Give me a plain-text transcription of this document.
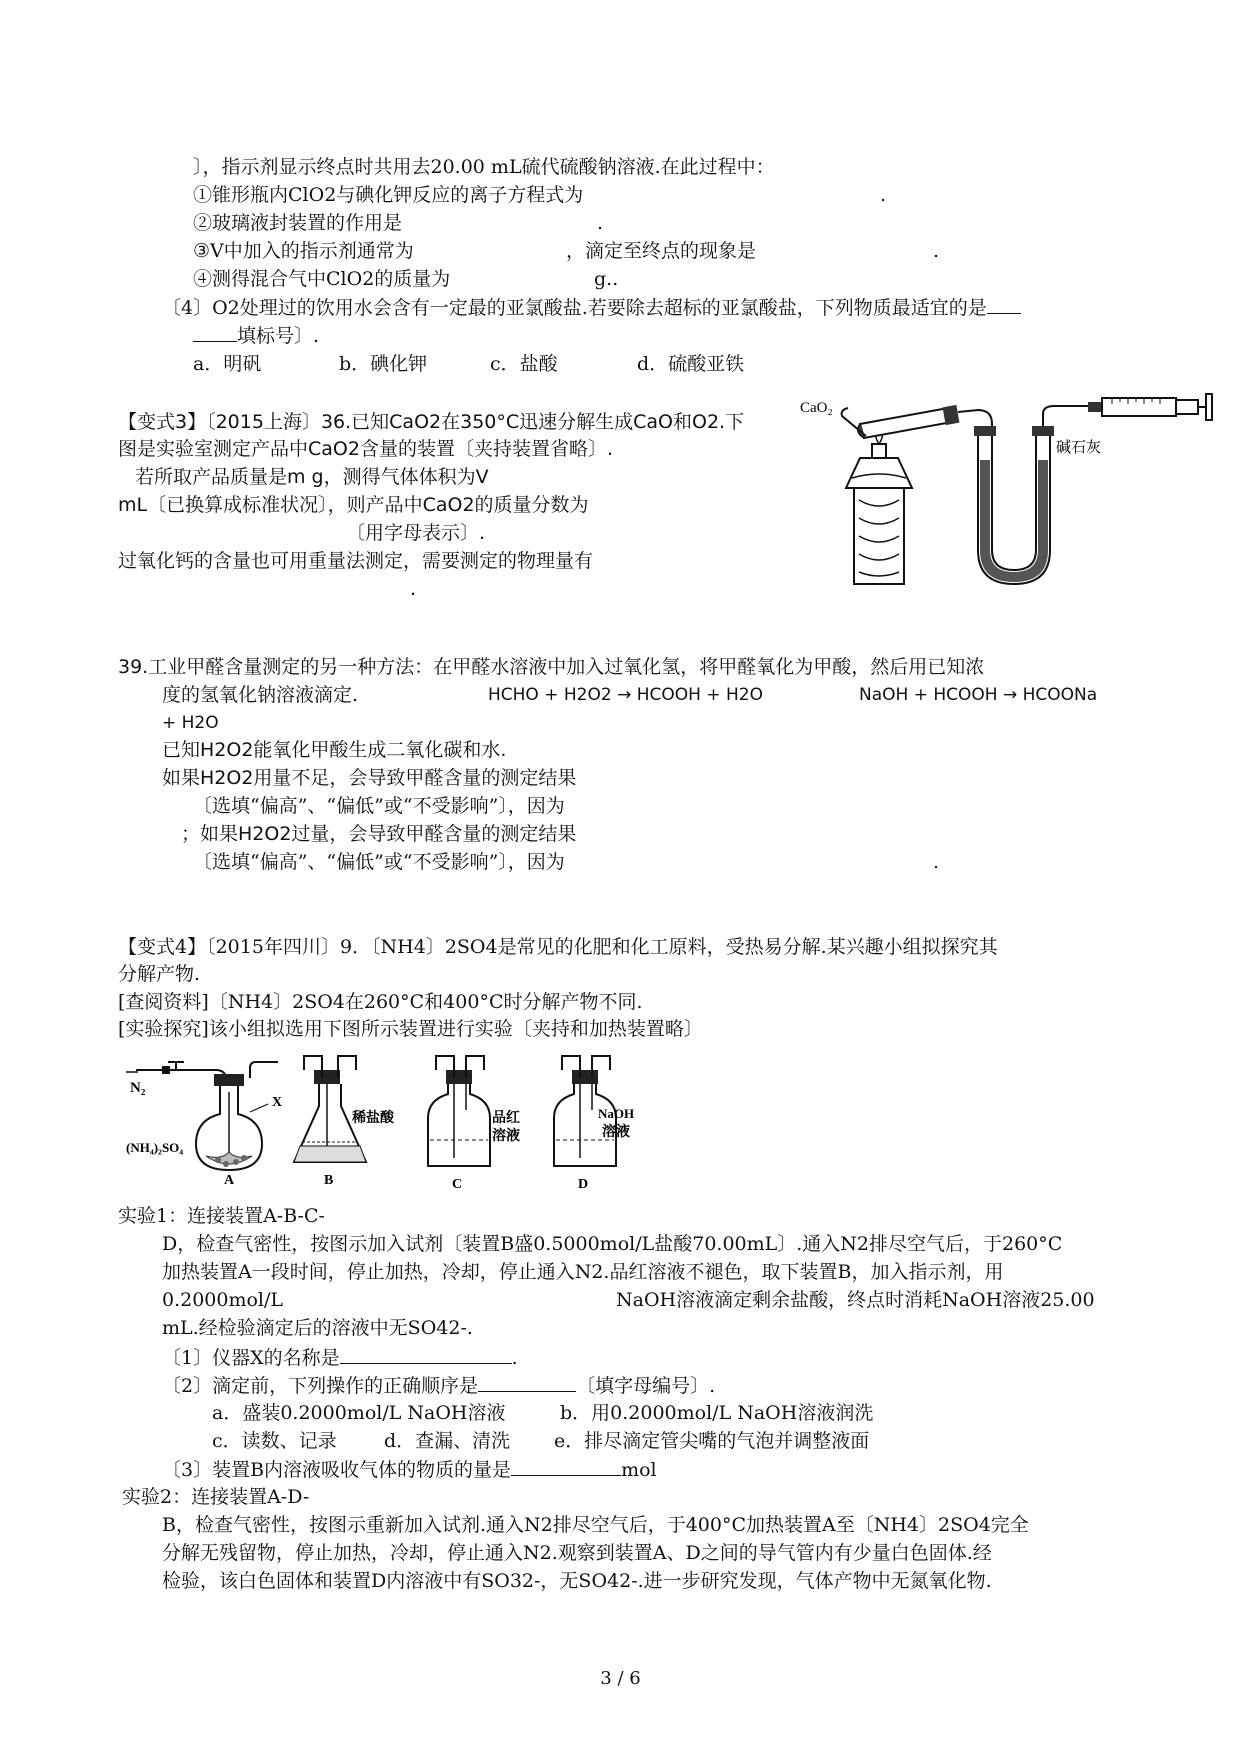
〕，指示剂显示终点时共用去20.00 mL硫代硫酸钠溶液.在此过程中：
①锥形瓶内ClO2与碘化钾反应的离子方程式为	.
②玻璃液封装置的作用是	.
③V中加入的指示剂通常为	，滴定至终点的现象是	.
④测得混合气中ClO2的质量为	g..
〔4〕O2处理过的饮用水会含有一定最的亚氯酸盐.若要除去超标的亚氯酸盐，下列物质最适宜的是
填标号〕.
a．明矾	b．碘化钾	c．盐酸	d．硫酸亚铁
【变式3】〔2015上海〕36.已知CaO2在350°C迅速分解生成CaO和O2.下
图是实验室测定产品中CaO2含量的装置〔夹持装置省略〕.
若所取产品质量是m g，测得气体体积为V
mL〔已换算成标准状况〕，则产品中CaO2的质量分数为
〔用字母表示〕.
过氧化钙的含量也可用重量法测定，需要测定的物理量有
.
CaO₂
碱石灰
39.工业甲醛含量测定的另一种方法：在甲醛水溶液中加入过氧化氢，将甲醛氧化为甲酸，然后用已知浓
度的氢氧化钠溶液滴定.	HCHO + H2O2 → HCOOH + H2O	NaOH + HCOOH → HCOONa
+ H2O
已知H2O2能氧化甲酸生成二氧化碳和水.
如果H2O2用量不足，会导致甲醛含量的测定结果
〔选填“偏高”、“偏低”或“不受影响”〕，因为
；如果H2O2过量，会导致甲醛含量的测定结果
〔选填“偏高”、“偏低”或“不受影响”〕，因为	.
【变式4】〔2015年四川〕9．〔NH4〕2SO4是常见的化肥和化工原料，受热易分解.某兴趣小组拟探究其
分解产物.
[查阅资料]〔NH4〕2SO4在260°C和400°C时分解产物不同.
[实验探究]该小组拟选用下图所示装置进行实验〔夹持和加热装置略〕
N₂
X
(NH₄)₂SO₄
A
稀盐酸
B
品红
溶液
C
NaOH
溶液
D
实验1：连接装置A-B-C-
D，检查气密性，按图示加入试剂〔装置B盛0.5000mol/L盐酸70.00mL〕.通入N2排尽空气后，于260°C
加热装置A一段时间，停止加热，冷却，停止通入N2.品红溶液不褪色，取下装置B，加入指示剂，用
0.2000mol/L	NaOH溶液滴定剩余盐酸，终点时消耗NaOH溶液25.00
mL.经检验滴定后的溶液中无SO42-.
〔1〕仪器X的名称是	.
〔2〕滴定前，下列操作的正确顺序是	〔填字母编号〕.
a．盛装0.2000mol/L NaOH溶液	b．用0.2000mol/L NaOH溶液润洗
c．读数、记录 d．查漏、清洗 e．排尽滴定管尖嘴的气泡并调整液面
〔3〕装置B内溶液吸收气体的物质的量是	mol
实验2：连接装置A-D-
B，检查气密性，按图示重新加入试剂.通入N2排尽空气后，于400°C加热装置A至〔NH4〕2SO4完全
分解无残留物，停止加热，冷却，停止通入N2.观察到装置A、D之间的导气管内有少量白色固体.经
检验，该白色固体和装置D内溶液中有SO32-，无SO42-.进一步研究发现，气体产物中无氮氧化物.
3 / 6
